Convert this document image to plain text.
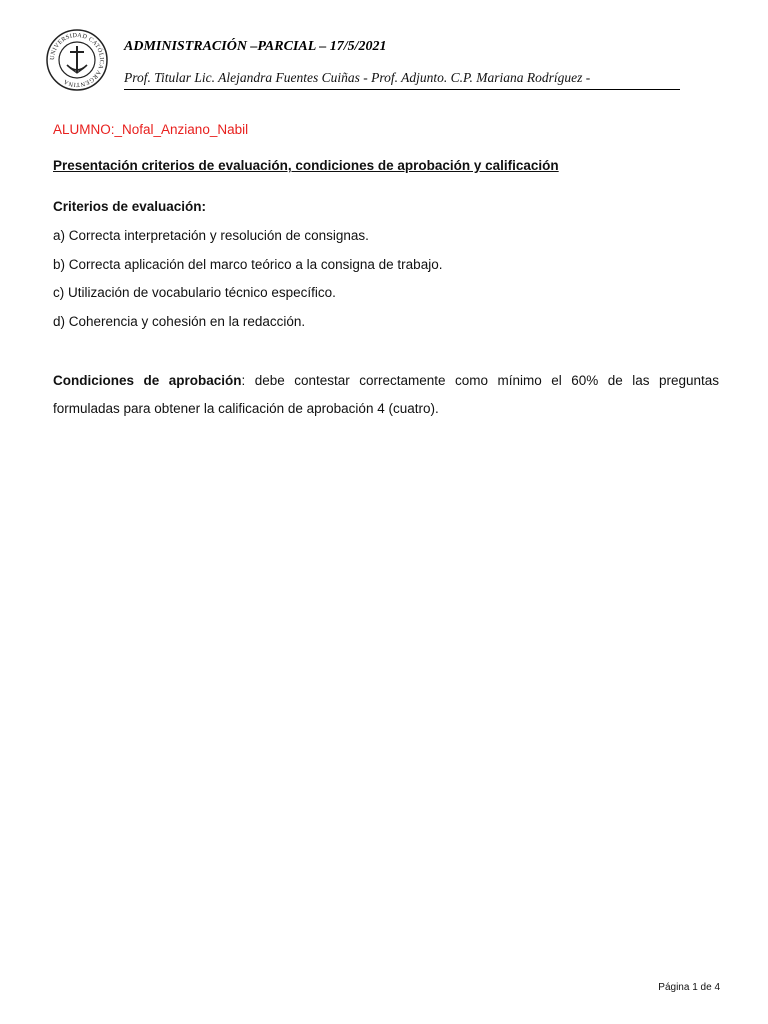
UNIVERSIDAD CATÓLICA ARGENTINA
ADMINISTRACIÓN –PARCIAL – 17/5/2021
Prof. Titular Lic. Alejandra Fuentes Cuiñas - Prof. Adjunto. C.P. Mariana Rodríguez -
ALUMNO:_Nofal_Anziano_Nabil
Presentación criterios de evaluación, condiciones de aprobación y calificación
Criterios de evaluación:
a) Correcta interpretación y resolución de consignas.
b) Correcta aplicación del marco teórico a la consigna de trabajo.
c) Utilización de vocabulario técnico específico.
d) Coherencia y cohesión en la redacción.

Condiciones de aprobación: debe contestar correctamente como mínimo el 60% de las preguntas formuladas para obtener la calificación de aprobación 4 (cuatro).

Página 1 de 4
